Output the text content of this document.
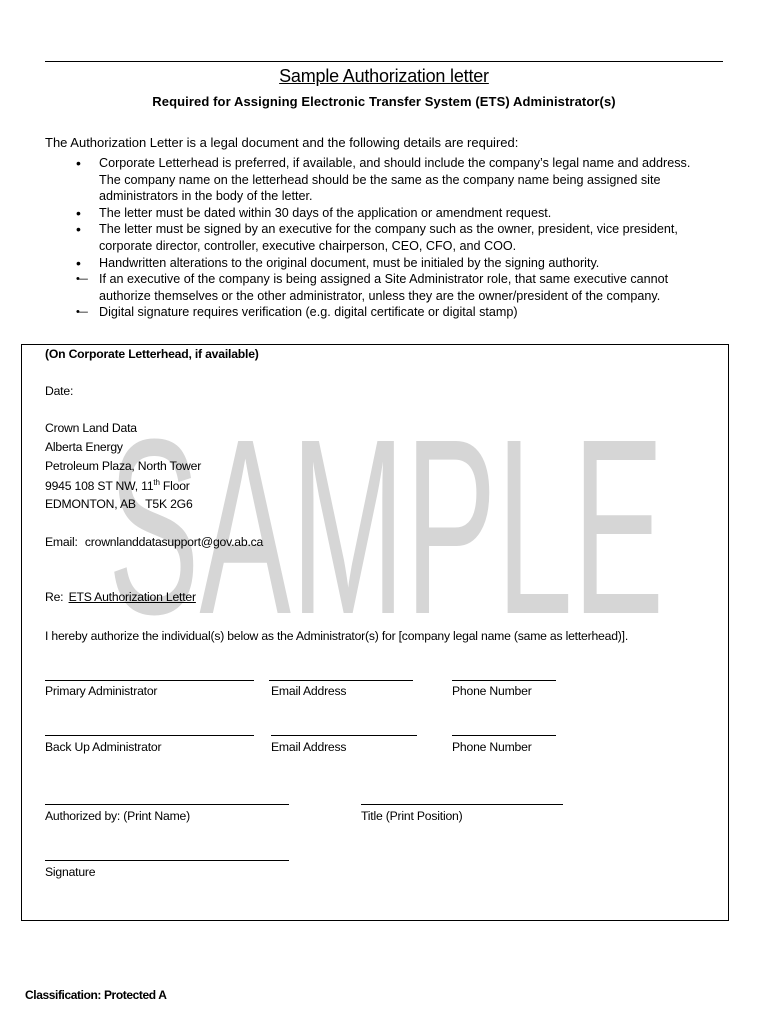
Sample Authorization letter
Required for Assigning Electronic Transfer System (ETS) Administrator(s)
The Authorization Letter is a legal document and the following details are required:
• Corporate Letterhead is preferred, if available, and should include the company’s legal name and address. The company name on the letterhead should be the same as the company name being assigned site administrators in the body of the letter.
• The letter must be dated within 30 days of the application or amendment request.
• The letter must be signed by an executive for the company such as the owner, president, vice president, corporate director, controller, executive chairperson, CEO, CFO, and COO.
• Handwritten alterations to the original document, must be initialed by the signing authority.
•— If an executive of the company is being assigned a Site Administrator role, that same executive cannot authorize themselves or the other administrator, unless they are the owner/president of the company.
•— Digital signature requires verification (e.g. digital certificate or digital stamp)
SAMPLE
(On Corporate Letterhead, if available)
Date:
Crown Land Data
Alberta Energy
Petroleum Plaza, North Tower
9945 108 ST NW, 11th Floor
EDMONTON, AB   T5K 2G6
Email: crownlanddatasupport@gov.ab.ca
Re: ETS Authorization Letter
I hereby authorize the individual(s) below as the Administrator(s) for [company legal name (same as letterhead)].
Primary Administrator	Email Address	Phone Number
Back Up Administrator	Email Address	Phone Number
Authorized by: (Print Name)	Title (Print Position)
Signature
Classification: Protected A
